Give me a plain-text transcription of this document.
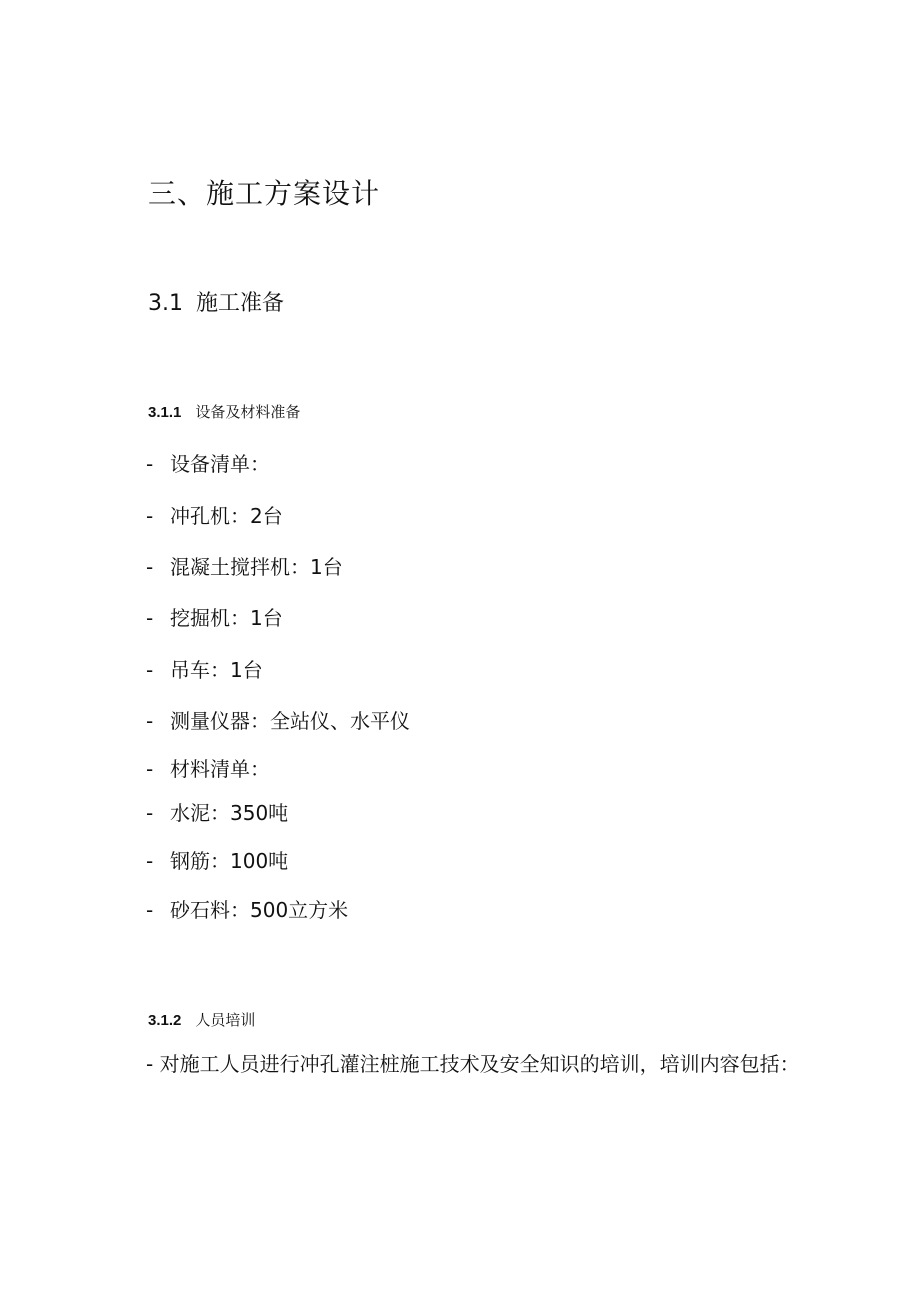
三、施工方案设计
3.1 施工准备
3.1.1 设备及材料准备
- 设备清单：
- 冲孔机：2台
- 混凝土搅拌机：1台
- 挖掘机：1台
- 吊车：1台
- 测量仪器：全站仪、水平仪
- 材料清单：
- 水泥：350吨
- 钢筋：100吨
- 砂石料：500立方米
3.1.2 人员培训
- 对施工人员进行冲孔灌注桩施工技术及安全知识的培训，培训内容包括：
